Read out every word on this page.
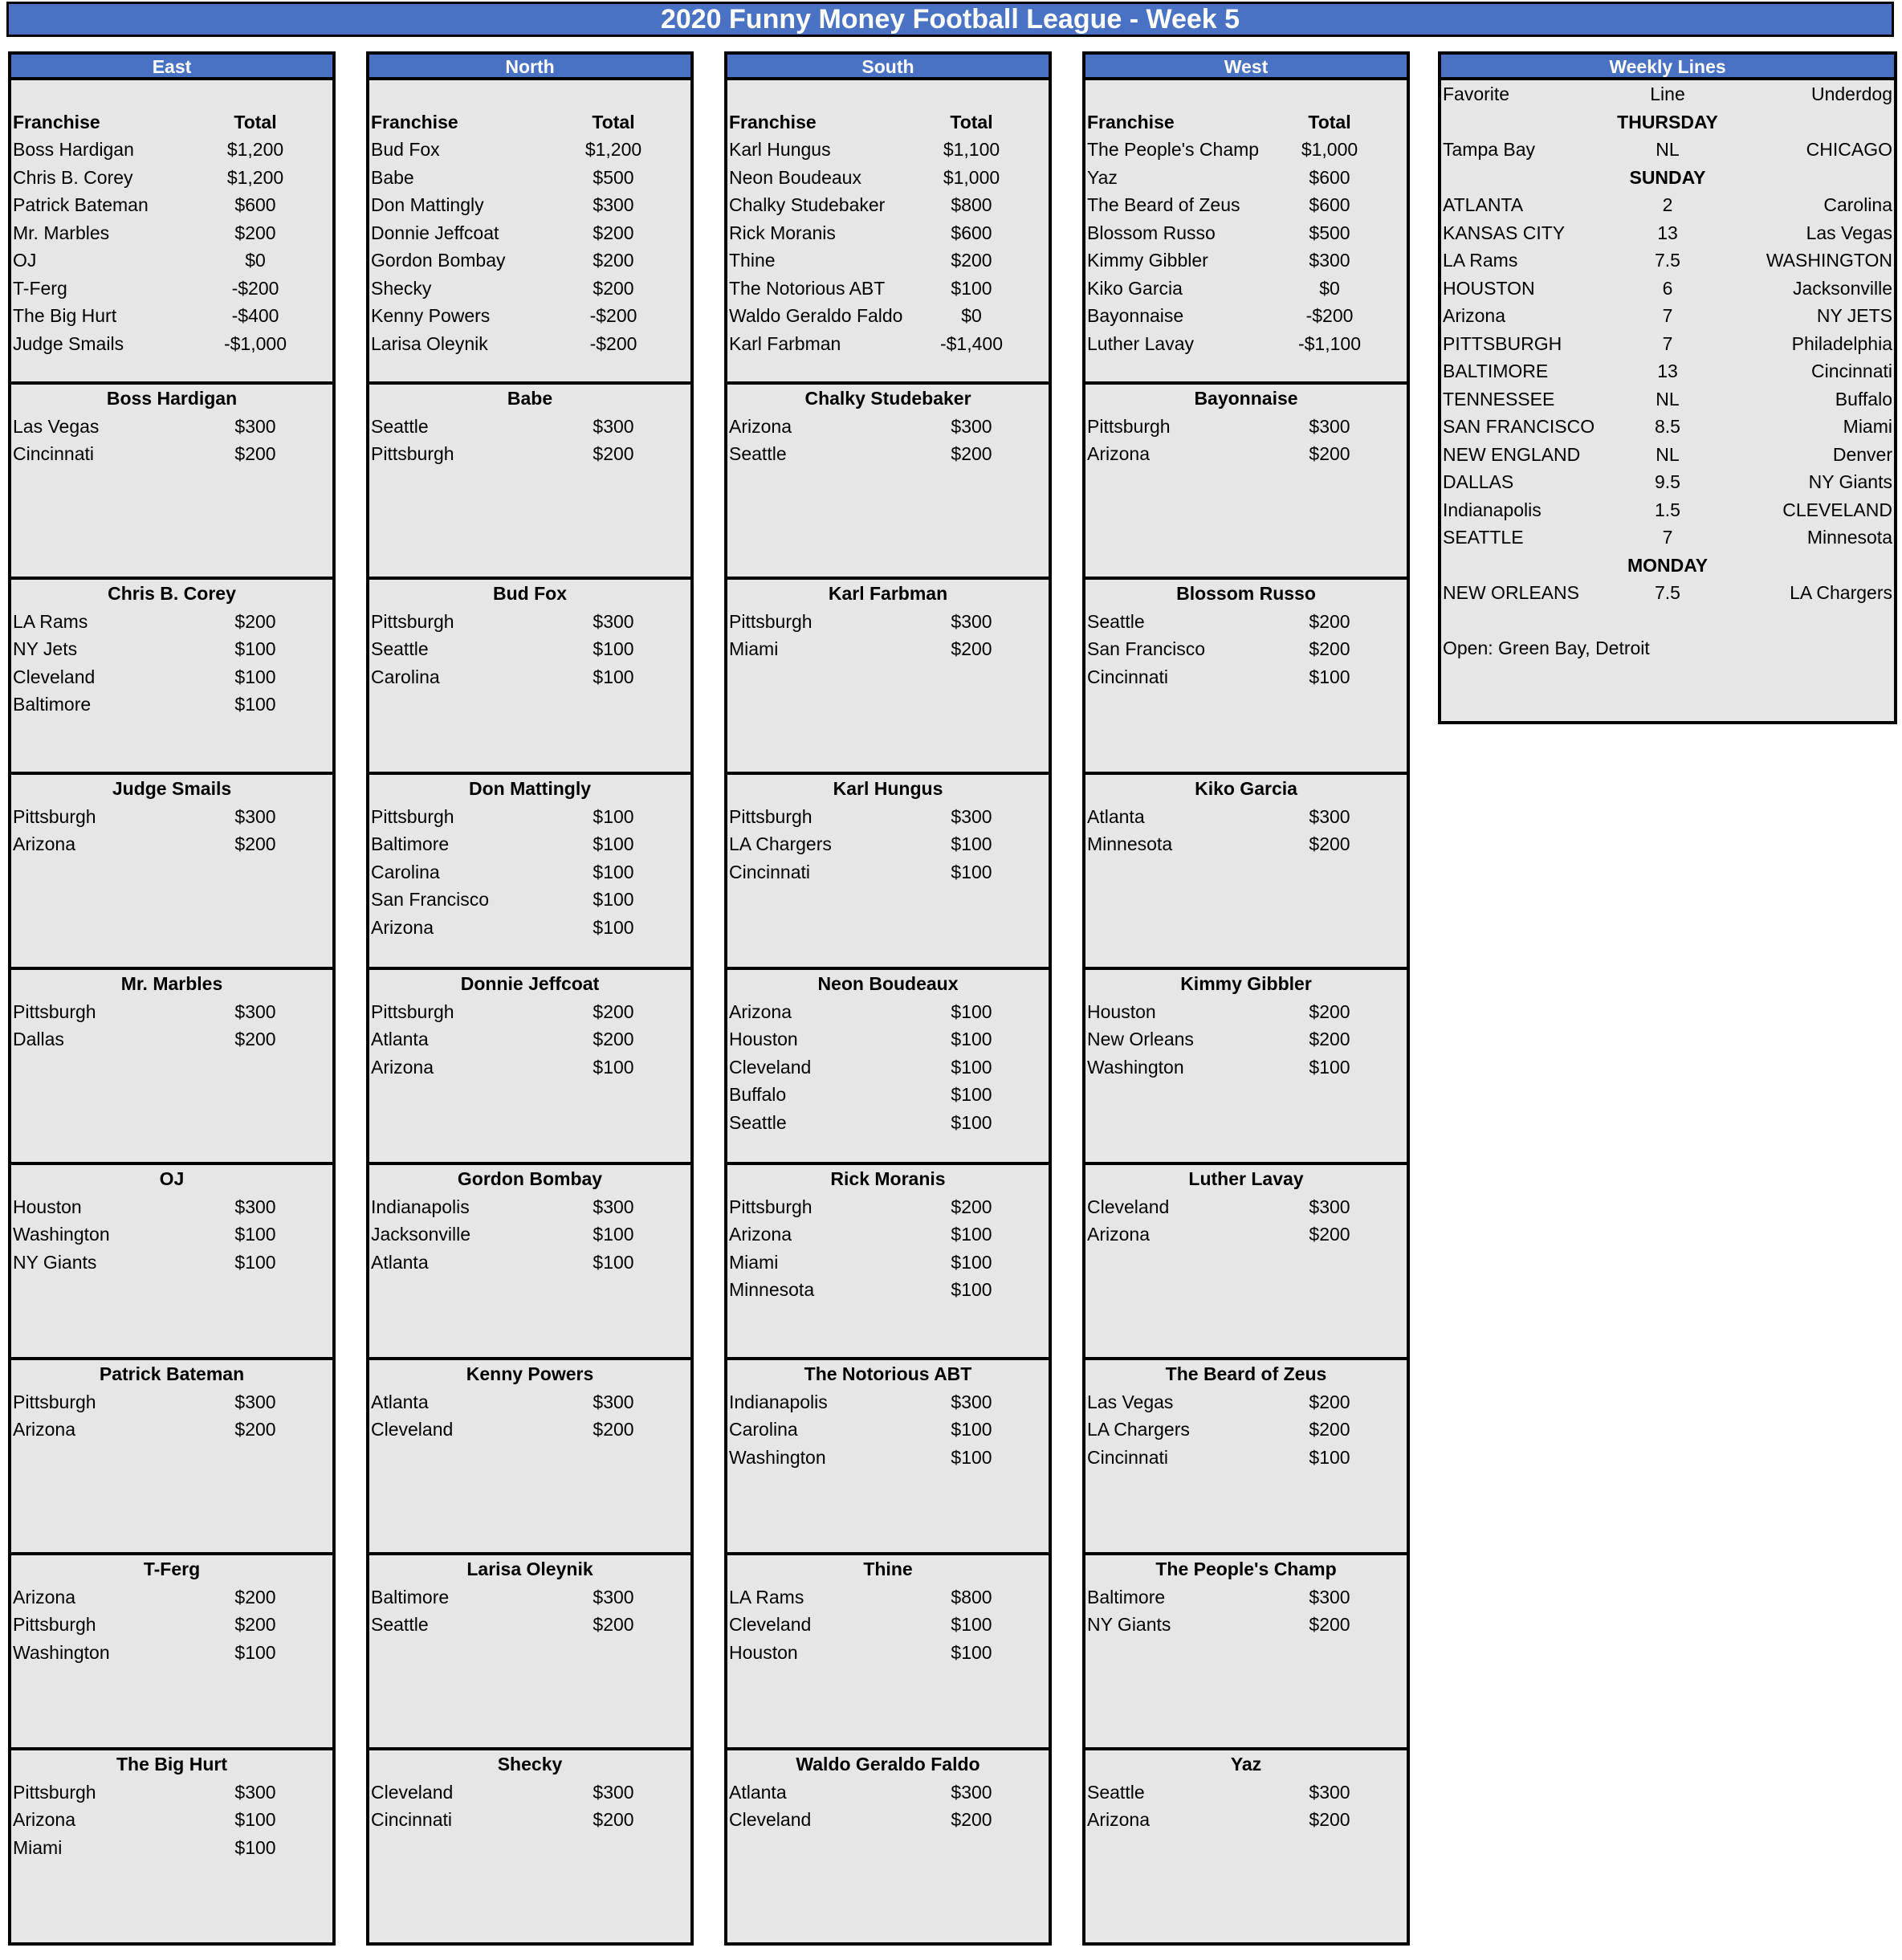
2020 Funny Money Football League - Week 5
East
Franchise	Total
Boss Hardigan	$1,200
Chris B. Corey	$1,200
Patrick Bateman	$600
Mr. Marbles	$200
OJ	$0
T-Ferg	-$200
The Big Hurt	-$400
Judge Smails	-$1,000
Boss Hardigan
Las Vegas	$300
Cincinnati	$200
Chris B. Corey
LA Rams	$200
NY Jets	$100
Cleveland	$100
Baltimore	$100
Judge Smails
Pittsburgh	$300
Arizona	$200
Mr. Marbles
Pittsburgh	$300
Dallas	$200
OJ
Houston	$300
Washington	$100
NY Giants	$100
Patrick Bateman
Pittsburgh	$300
Arizona	$200
T-Ferg
Arizona	$200
Pittsburgh	$200
Washington	$100
The Big Hurt
Pittsburgh	$300
Arizona	$100
Miami	$100
North
Franchise	Total
Bud Fox	$1,200
Babe	$500
Don Mattingly	$300
Donnie Jeffcoat	$200
Gordon Bombay	$200
Shecky	$200
Kenny Powers	-$200
Larisa Oleynik	-$200
Babe
Seattle	$300
Pittsburgh	$200
Bud Fox
Pittsburgh	$300
Seattle	$100
Carolina	$100
Don Mattingly
Pittsburgh	$100
Baltimore	$100
Carolina	$100
San Francisco	$100
Arizona	$100
Donnie Jeffcoat
Pittsburgh	$200
Atlanta	$200
Arizona	$100
Gordon Bombay
Indianapolis	$300
Jacksonville	$100
Atlanta	$100
Kenny Powers
Atlanta	$300
Cleveland	$200
Larisa Oleynik
Baltimore	$300
Seattle	$200
Shecky
Cleveland	$300
Cincinnati	$200
South
Franchise	Total
Karl Hungus	$1,100
Neon Boudeaux	$1,000
Chalky Studebaker	$800
Rick Moranis	$600
Thine	$200
The Notorious ABT	$100
Waldo Geraldo Faldo	$0
Karl Farbman	-$1,400
Chalky Studebaker
Arizona	$300
Seattle	$200
Karl Farbman
Pittsburgh	$300
Miami	$200
Karl Hungus
Pittsburgh	$300
LA Chargers	$100
Cincinnati	$100
Neon Boudeaux
Arizona	$100
Houston	$100
Cleveland	$100
Buffalo	$100
Seattle	$100
Rick Moranis
Pittsburgh	$200
Arizona	$100
Miami	$100
Minnesota	$100
The Notorious ABT
Indianapolis	$300
Carolina	$100
Washington	$100
Thine
LA Rams	$800
Cleveland	$100
Houston	$100
Waldo Geraldo Faldo
Atlanta	$300
Cleveland	$200
West
Franchise	Total
The People's Champ	$1,000
Yaz	$600
The Beard of Zeus	$600
Blossom Russo	$500
Kimmy Gibbler	$300
Kiko Garcia	$0
Bayonnaise	-$200
Luther Lavay	-$1,100
Bayonnaise
Pittsburgh	$300
Arizona	$200
Blossom Russo
Seattle	$200
San Francisco	$200
Cincinnati	$100
Kiko Garcia
Atlanta	$300
Minnesota	$200
Kimmy Gibbler
Houston	$200
New Orleans	$200
Washington	$100
Luther Lavay
Cleveland	$300
Arizona	$200
The Beard of Zeus
Las Vegas	$200
LA Chargers	$200
Cincinnati	$100
The People's Champ
Baltimore	$300
NY Giants	$200
Yaz
Seattle	$300
Arizona	$200
Weekly Lines
Favorite	Line	Underdog
THURSDAY
Tampa Bay	NL	CHICAGO
SUNDAY
ATLANTA	2	Carolina
KANSAS CITY	13	Las Vegas
LA Rams	7.5	WASHINGTON
HOUSTON	6	Jacksonville
Arizona	7	NY JETS
PITTSBURGH	7	Philadelphia
BALTIMORE	13	Cincinnati
TENNESSEE	NL	Buffalo
SAN FRANCISCO	8.5	Miami
NEW ENGLAND	NL	Denver
DALLAS	9.5	NY Giants
Indianapolis	1.5	CLEVELAND
SEATTLE	7	Minnesota
MONDAY
NEW ORLEANS	7.5	LA Chargers
Open: Green Bay, Detroit
